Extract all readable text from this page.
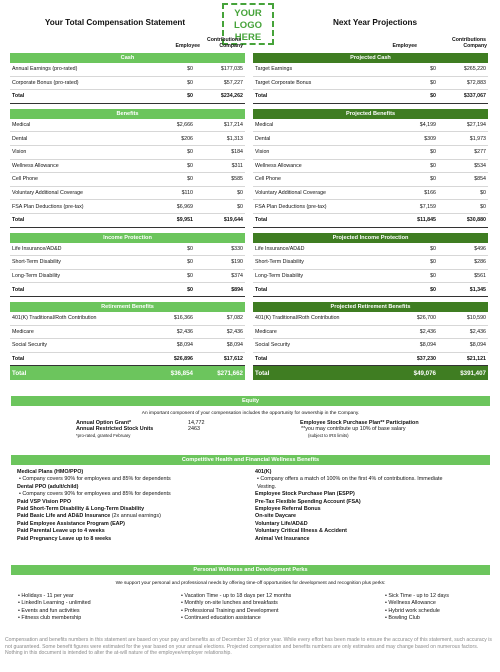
Your Total Compensation Statement
YOUR
LOGO
HERE
Next Year Projections
Contributions
Employee	Company
Contributions
Employee	Company
Cash
Annual Earnings (pro-rated)	$0	$177,035
Corporate Bonus (pro-rated)	$0	$57,227
Total	$0	$234,262
Benefits
Medical	$2,666	$17,214
Dental	$206	$1,313
Vision	$0	$184
Wellness Allowance	$0	$311
Cell Phone	$0	$585
Voluntary Additional Coverage	$110	$0
FSA Plan Deductions (pre-tax)	$6,969	$0
Total	$9,951	$19,644
Income Protection
Life Insurance/AD&D	$0	$330
Short-Term Disability	$0	$190
Long-Term Disability	$0	$374
Total	$0	$894
Retirement Benefits
401(K) Traditional/Roth Contribution	$16,366	$7,082
Medicare	$2,436	$2,436
Social Security	$8,094	$8,094
Total	$26,896	$17,612
Total	$36,854	$271,662
Projected Cash
Target Earnings	$0	$265,220
Target Corporate Bonus	$0	$72,883
Total	$0	$337,067
Projected Benefits
Medical	$4,199	$27,194
Dental	$309	$1,973
Vision	$0	$277
Wellness Allowance	$0	$534
Cell Phone	$0	$854
Voluntary Additional Coverage	$166	$0
FSA Plan Deductions (pre-tax)	$7,159	$0
Total	$11,845	$30,880
Projected Income Protection
Life Insurance/AD&D	$0	$496
Short-Term Disability	$0	$286
Long-Term Disability	$0	$561
Total	$0	$1,345
Projected Retirement Benefits
401(K) Traditional/Roth Contribution	$26,700	$10,590
Medicare	$2,436	$2,436
Social Security	$8,094	$8,094
Total	$37,230	$21,121
Total	$49,076	$391,407
Equity
An important component of your compensation includes the opportunity for ownership in the Company.
Annual Option Grant*	14,772
Annual Restricted Stock Units	2463
*pro-rated, granted February
Employee Stock Purchase Plan** Participation
**you may contribute up 10% of base salary
(subject to IRS limits)
Competitive Health and Financial Wellness Benefits
Medical Plans (HMO/PPO)
• Company covers 90% for employees and 85% for dependents
Dental PPO (adult/child)
• Company covers 90% for employees and 85% for dependents
Paid VSP Vision PPO
Paid Short-Term Disability & Long-Term Disability
Paid Basic Life and AD&D Insurance (2x annual earnings)
Paid Employee Assistance Program (EAP)
Paid Parental Leave up to 4 weeks
Paid Pregnancy Leave up to 8 weeks
401(K)
• Company offers a match of 100% on the first 4% of contributions. Immediate
Vesting.
Employee Stock Purchase Plan (ESPP)
Pre-Tax Flexible Spending Account (FSA)
Employee Referral Bonus
On-site Daycare
Voluntary Life/AD&D
Voluntary Critical Illness & Accident
Animal Vet Insurance
Personal Wellness and Development Perks
We support your personal and professional needs by offering time-off opportunities for development and recognition plus perks:
• Holidays - 11 per year
• LinkedIn Learning - unlimited
• Events and fun activities
• Fitness club membership
• Vacation Time - up to 18 days per 12 months
• Monthly on-site lunches and breakfasts
• Professional Training and Development
• Continued education assistance
• Sick Time - up to 12 days
• Wellness Allowance
• Hybrid work schedule
• Bowling Club
Compensation and benefits numbers in this statement are based on your pay and benefits as of December 31 of prior year. While every effort has been made to ensure the accuracy of this statement, such accuracy is not guaranteed. Some benefit figures were estimated for the year based on your annual elections. Projected compensation and benefits numbers are only estimates and may change based on numerous factors. Nothing in this document is intended to alter the at-will nature of the employee/employer relationship.
